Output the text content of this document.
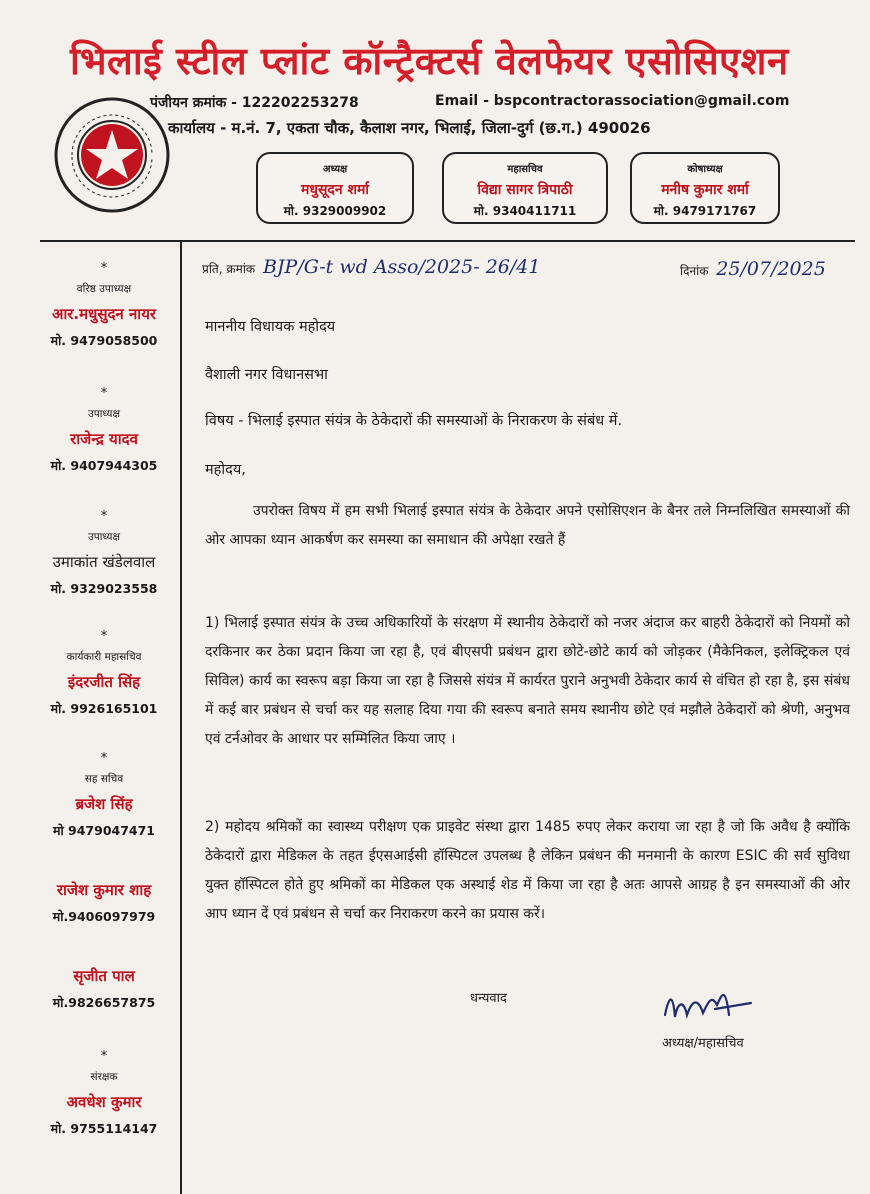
भिलाई स्टील प्लांट कॉन्ट्रैक्टर्स वेलफेयर एसोसिएशन
पंजीयन क्रमांक - 12220225327​8	Email - bspcontractorassociation@gmail.com
कार्यालय - म.नं. 7, एकता चौक, कैलाश नगर, भिलाई, जिला-दुर्ग (छ.ग.) 490026
अध्यक्ष
मधुसूदन शर्मा
मो. 9329009902
महासचिव
विद्या सागर त्रिपाठी
मो. 9340411711
कोषाध्यक्ष
मनीष कुमार शर्मा
मो. 9479171767
*
वरिष्ठ उपाध्यक्ष
आर.मधुसुदन नायर
मो. 9479058500
*
उपाध्यक्ष
राजेन्द्र यादव
मो. 9407944305
*
उपाध्यक्ष
उमाकांत खंडेलवाल
मो. 9329023558
*
कार्यकारी महासचिव
इंदरजीत सिंह
मो. 9926165101
*
सह सचिव
ब्रजेश सिंह
मो 9479047471
राजेश कुमार शाह
मो.9406097979
सृजीत पाल
मो.9826657875
*
संरक्षक
अवधेश कुमार
मो. 9755114147
प्रति, क्रमांक BJP/G-t wd Asso/2025- 26/41	दिनांक 25/07/2025
माननीय विधायक महोदय
वैशाली नगर विधानसभा
विषय - भिलाई इस्पात संयंत्र के ठेकेदारों की समस्याओं के निराकरण के संबंध में.
महोदय,
उपरोक्त विषय में हम सभी भिलाई इस्पात संयंत्र के ठेकेदार अपने एसोसिएशन के बैनर तले निम्नलिखित समस्याओं की ओर आपका ध्यान आकर्षण कर समस्या का समाधान की अपेक्षा रखते हैं
1) भिलाई इस्पात संयंत्र के उच्च अधिकारियों के संरक्षण में स्थानीय ठेकेदारों को नजर अंदाज कर बाहरी ठेकेदारों को नियमों को दरकिनार कर ठेका प्रदान किया जा रहा है, एवं बीएसपी प्रबंधन द्वारा छोटे-छोटे कार्य को जोड़कर (मैकेनिकल, इलेक्ट्रिकल एवं सिविल) कार्य का स्वरूप बड़ा किया जा रहा है जिससे संयंत्र में कार्यरत पुराने अनुभवी ठेकेदार कार्य से वंचित हो रहा है, इस संबंध में कई बार प्रबंधन से चर्चा कर यह सलाह दिया गया की स्वरूप बनाते समय स्थानीय छोटे एवं मझौले ठेकेदारों को श्रेणी, अनुभव एवं टर्नओवर के आधार पर सम्मिलित किया जाए ।
2) महोदय श्रमिकों का स्वास्थ्य परीक्षण एक प्राइवेट संस्था द्वारा 1485 रुपए लेकर कराया जा रहा है जो कि अवैध है क्योंकि ठेकेदारों द्वारा मेडिकल के तहत ईएसआईसी हॉस्पिटल उपलब्ध है लेकिन प्रबंधन की मनमानी के कारण ESIC की सर्व सुविधा युक्त हॉस्पिटल होते हुए श्रमिकों का मेडिकल एक अस्थाई शेड में किया जा रहा है अतः आपसे आग्रह है इन समस्याओं की ओर आप ध्यान दें एवं प्रबंधन से चर्चा कर निराकरण करने का प्रयास करें।
धन्यवाद
अध्यक्ष/महासचिव
